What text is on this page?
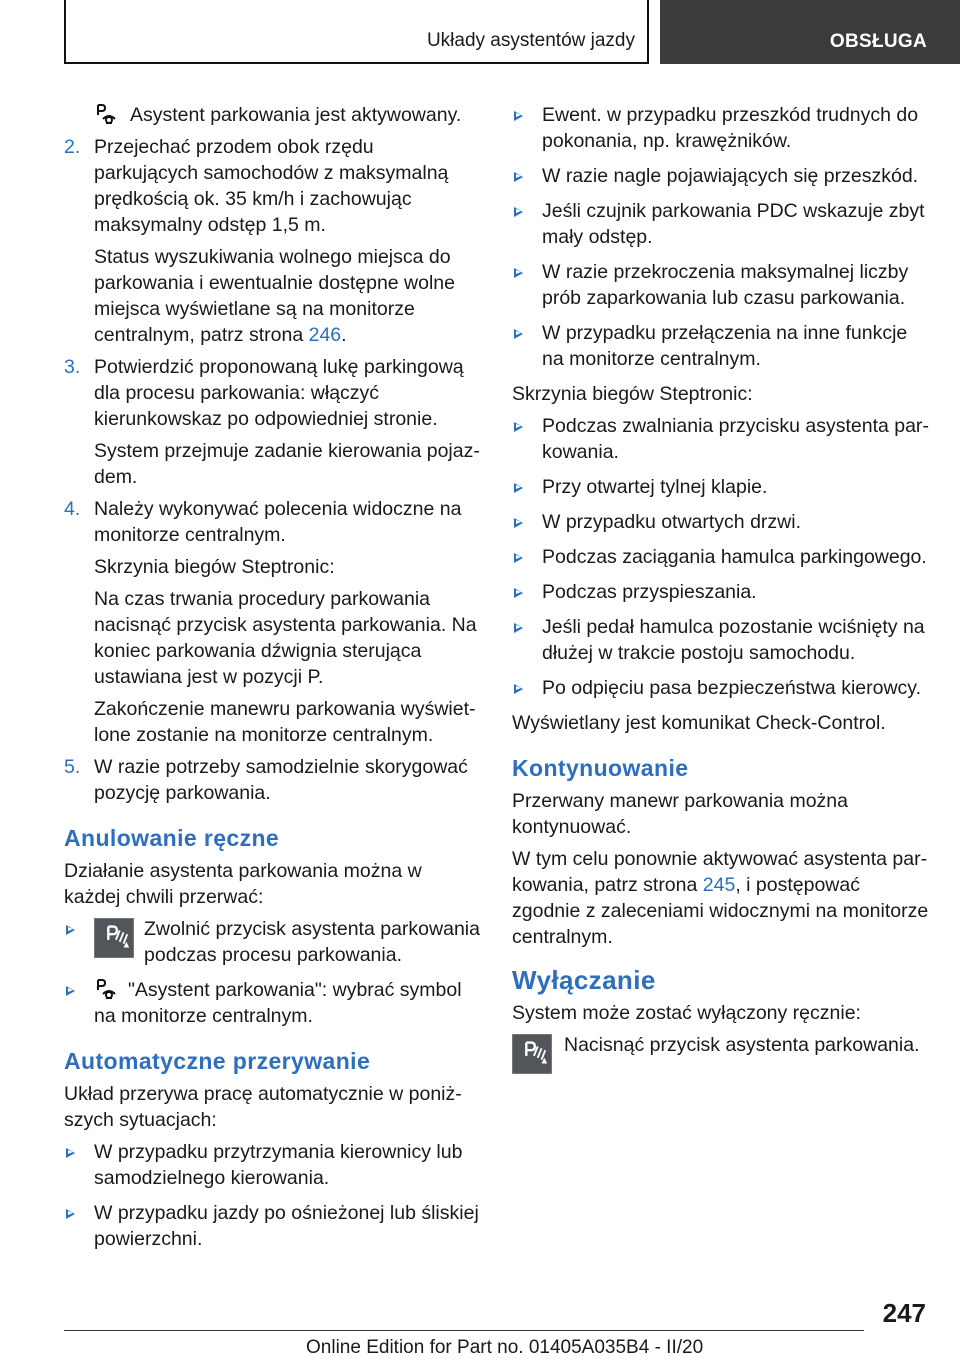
Układy asystentów jazdy	OBSŁUGA

Asystent parkowania jest aktywowany.

2. Przejechać przodem obok rzędu parkujących samochodów z maksymalną prędkością ok. 35 km/h i zachowując maksymalny odstęp 1,5 m.

Status wyszukiwania wolnego miejsca do parkowania i ewentualnie dostępne wolne miejsca wyświetlane są na monitorze centralnym, patrz strona 246.

3. Potwierdzić proponowaną lukę parkingową dla procesu parkowania: włączyć kierunkowskaz po odpowiedniej stronie.

System przejmuje zadanie kierowania pojazdem.

4. Należy wykonywać polecenia widoczne na monitorze centralnym.

Skrzynia biegów Steptronic:

Na czas trwania procedury parkowania nacisnąć przycisk asystenta parkowania. Na koniec parkowania dźwignia sterująca ustawiana jest w pozycji P.

Zakończenie manewru parkowania wyświetlone zostanie na monitorze centralnym.

5. W razie potrzeby samodzielnie skorygować pozycję parkowania.
Anulowanie ręczne

Działanie asystenta parkowania można w każdej chwili przerwać:

Zwolnić przycisk asystenta parkowania podczas procesu parkowania.
"Asystent parkowania": wybrać symbol na monitorze centralnym.
Automatyczne przerywanie

Układ przerywa pracę automatycznie w poniższych sytuacjach:

W przypadku przytrzymania kierownicy lub samodzielnego kierowania.
W przypadku jazdy po ośnieżonej lub śliskiej powierzchni.
Ewent. w przypadku przeszkód trudnych do pokonania, np. krawężników.
W razie nagle pojawiających się przeszkód.
Jeśli czujnik parkowania PDC wskazuje zbyt mały odstęp.
W razie przekroczenia maksymalnej liczby prób zaparkowania lub czasu parkowania.
W przypadku przełączenia na inne funkcje na monitorze centralnym.

Skrzynia biegów Steptronic:

Podczas zwalniania przycisku asystenta parkowania.
Przy otwartej tylnej klapie.
W przypadku otwartych drzwi.
Podczas zaciągania hamulca parkingowego.
Podczas przyspieszania.
Jeśli pedał hamulca pozostanie wciśnięty na dłużej w trakcie postoju samochodu.
Po odpięciu pasa bezpieczeństwa kierowcy.

Wyświetlany jest komunikat Check-Control.

Kontynuowanie

Przerwany manewr parkowania można kontynuować.

W tym celu ponownie aktywować asystenta parkowania, patrz strona 245, i postępować zgodnie z zaleceniami widocznymi na monitorze centralnym.

Wyłączanie

System może zostać wyłączony ręcznie:

Nacisnąć przycisk asystenta parkowania.
247
Online Edition for Part no. 01405A035B4 - II/20
